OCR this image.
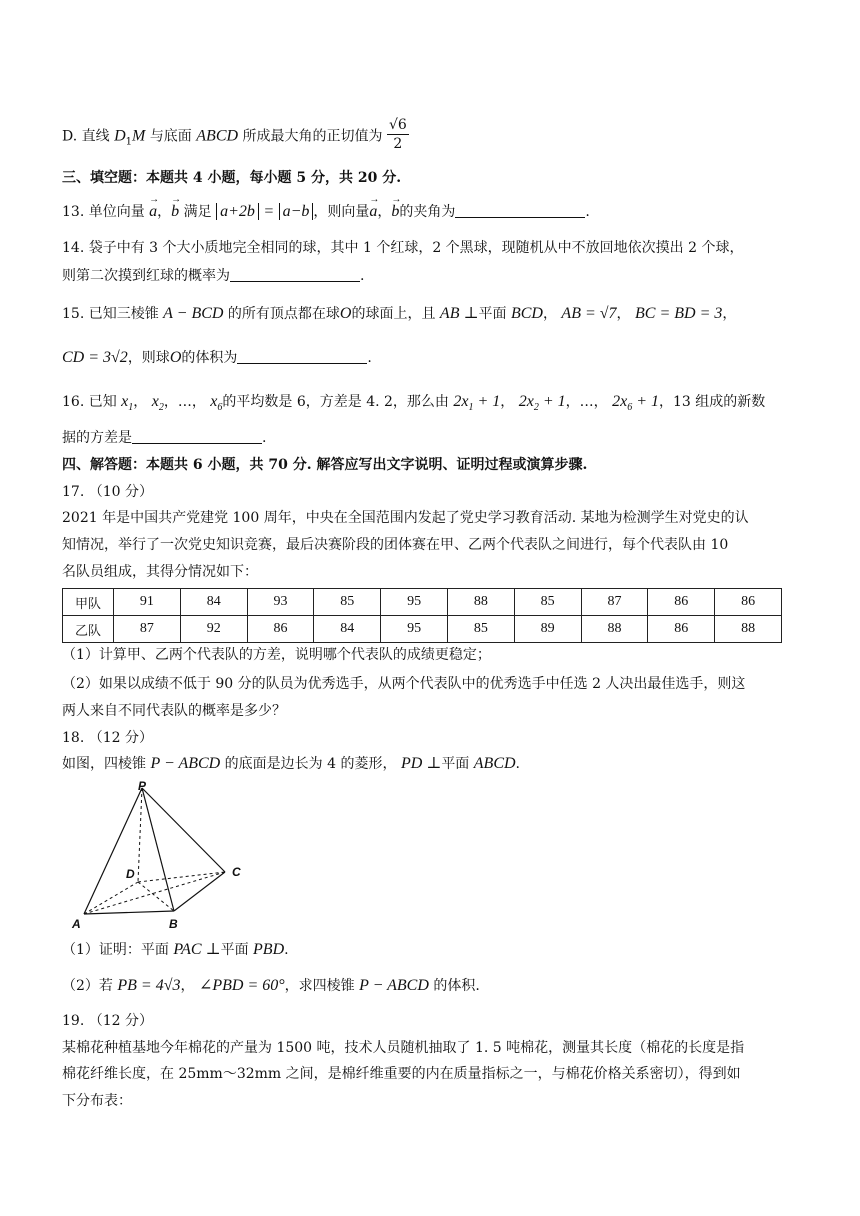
D. 直线 $D_1M$ 与底面 ABCD 所成最大角的正切值为 $\frac{√6}{2}$
三、填空题：本题共 4 小题，每小题 5 分，共 20 分.
13. 单位向量 → a，→ b 满足 a+2b = a−b ，则向量→ a，→ b的夹角为	.
14. 袋子中有 3 个大小质地完全相同的球，其中 1 个红球，2 个黑球，现随机从中不放回地依次摸出 2 个球，
则第二次摸到红球的概率为	.
15. 已知三棱锥 A − BCD 的所有顶点都在球O的球面上，且 AB ⊥平面 BCD， AB = √7， BC = BD = 3，
CD = 3√2，则球O的体积为	.
16. 已知 $x_1$， $x_2$，…， $x_6$的平均数是 6，方差是 4. 2，那么由 $2x_1 + 1$， $2x_2 + 1$，…， $2x_6 + 1$，13 组成的新数
据的方差是	.
四、解答题：本题共 6 小题，共 70 分. 解答应写出文字说明、证明过程或演算步骤.
17. （10 分）
2021 年是中国共产党建党 100 周年，中央在全国范围内发起了党史学习教育活动. 某地为检测学生对党史的认
知情况，举行了一次党史知识竞赛，最后决赛阶段的团体赛在甲、乙两个代表队之间进行，每个代表队由 10
名队员组成，其得分情况如下：
甲队	91	84	93	85	95	88	85	87	86	86
乙队	87	92	86	84	95	85	89	88	86	88
（1）计算甲、乙两个代表队的方差，说明哪个代表队的成绩更稳定；
（2）如果以成绩不低于 90 分的队员为优秀选手，从两个代表队中的优秀选手中任选 2 人决出最佳选手，则这
两人来自不同代表队的概率是多少？
18. （12 分）
如图，四棱锥 P − ABCD 的底面是边长为 4 的菱形， PD ⊥平面 ABCD.
P
A	B
C
D
（1）证明：平面 PAC ⊥平面 PBD.
（2）若 PB = 4√3， ∠PBD = 60°，求四棱锥 P − ABCD 的体积.
19. （12 分）
某棉花种植基地今年棉花的产量为 1500 吨，技术人员随机抽取了 1. 5 吨棉花，测量其长度（棉花的长度是指
棉花纤维长度，在 25mm～32mm 之间，是棉纤维重要的内在质量指标之一，与棉花价格关系密切），得到如
下分布表：
